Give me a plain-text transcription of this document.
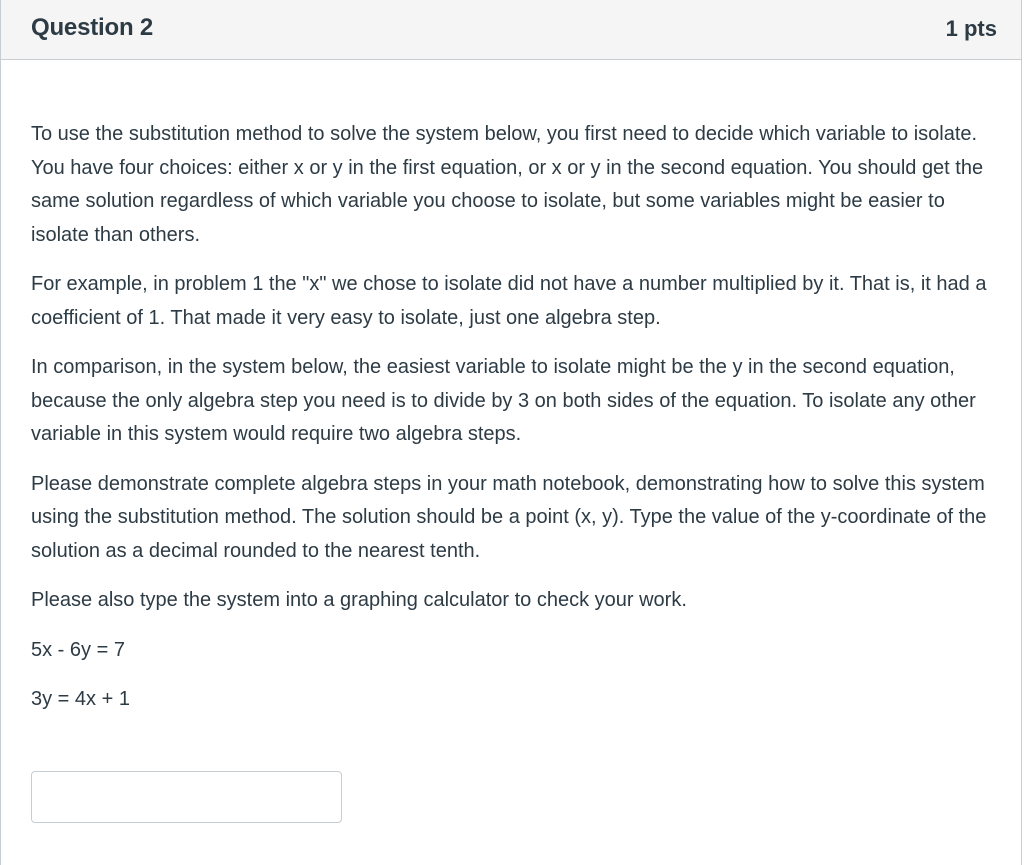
Question 2	1 pts

To use the substitution method to solve the system below, you first need to decide which variable to isolate. You have four choices: either x or y in the first equation, or x or y in the second equation. You should get the same solution regardless of which variable you choose to isolate, but some variables might be easier to isolate than others.

For example, in problem 1 the "x" we chose to isolate did not have a number multiplied by it. That is, it had a coefficient of 1. That made it very easy to isolate, just one algebra step.

In comparison, in the system below, the easiest variable to isolate might be the y in the second equation, because the only algebra step you need is to divide by 3 on both sides of the equation. To isolate any other variable in this system would require two algebra steps.

Please demonstrate complete algebra steps in your math notebook, demonstrating how to solve this system using the substitution method. The solution should be a point (x, y). Type the value of the y-coordinate of the solution as a decimal rounded to the nearest tenth.

Please also type the system into a graphing calculator to check your work.

5x - 6y = 7

3y = 4x + 1
